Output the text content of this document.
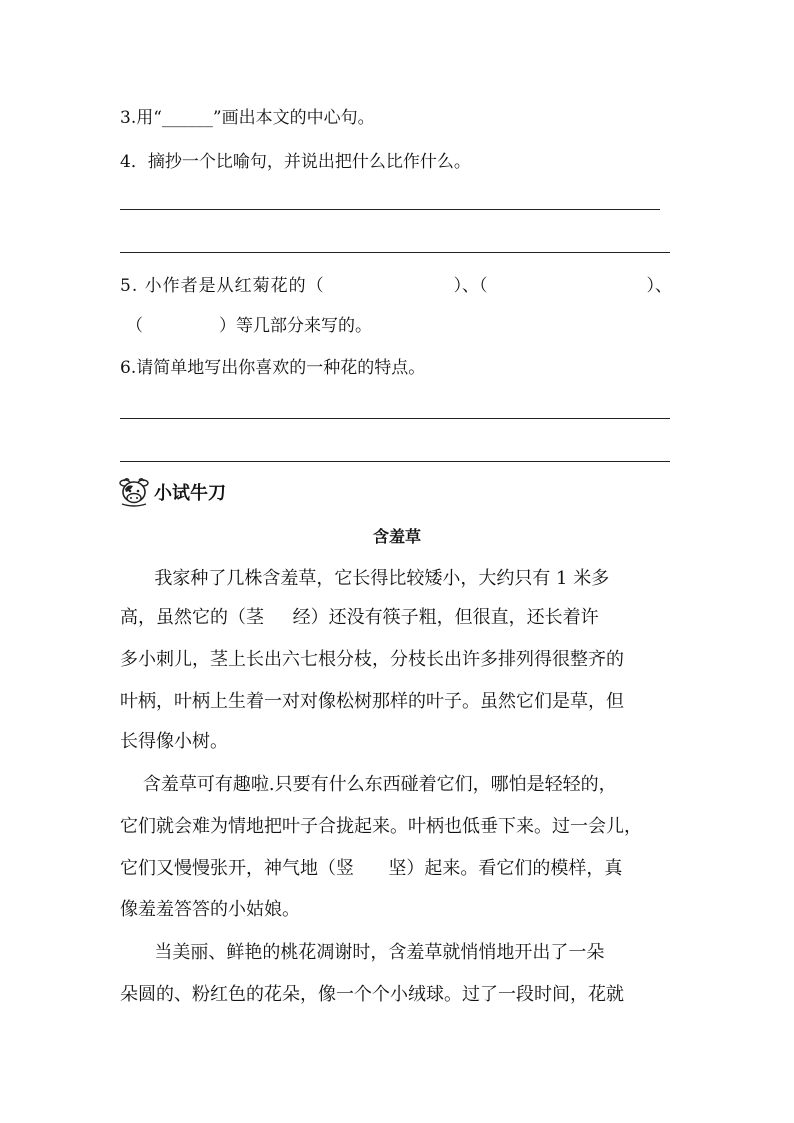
3.用“______”画出本文的中心句。

4．摘抄一个比喻句，并说出把什么比作什么。

5. 小作者是从红菊花的（	）、（	）、

（	）等几部分来写的。

6.请简单地写出你喜欢的一种花的特点。

小试牛刀

含羞草

我家种了几株含羞草，它长得比较矮小，大约只有 1 米多

高，虽然它的（茎     经）还没有筷子粗，但很直，还长着许

多小刺儿，茎上长出六七根分枝，分枝长出许多排列得很整齐的

叶柄，叶柄上生着一对对像松树那样的叶子。虽然它们是草，但

长得像小树。

含羞草可有趣啦.只要有什么东西碰着它们，哪怕是轻轻的，

它们就会难为情地把叶子合拢起来。叶柄也低垂下来。过一会儿，

它们又慢慢张开，神气地（竖      坚）起来。看它们的模样，真

像羞羞答答的小姑娘。

当美丽、鲜艳的桃花凋谢时，含羞草就悄悄地开出了一朵

朵圆的、粉红色的花朵，像一个个小绒球。过了一段时间，花就
